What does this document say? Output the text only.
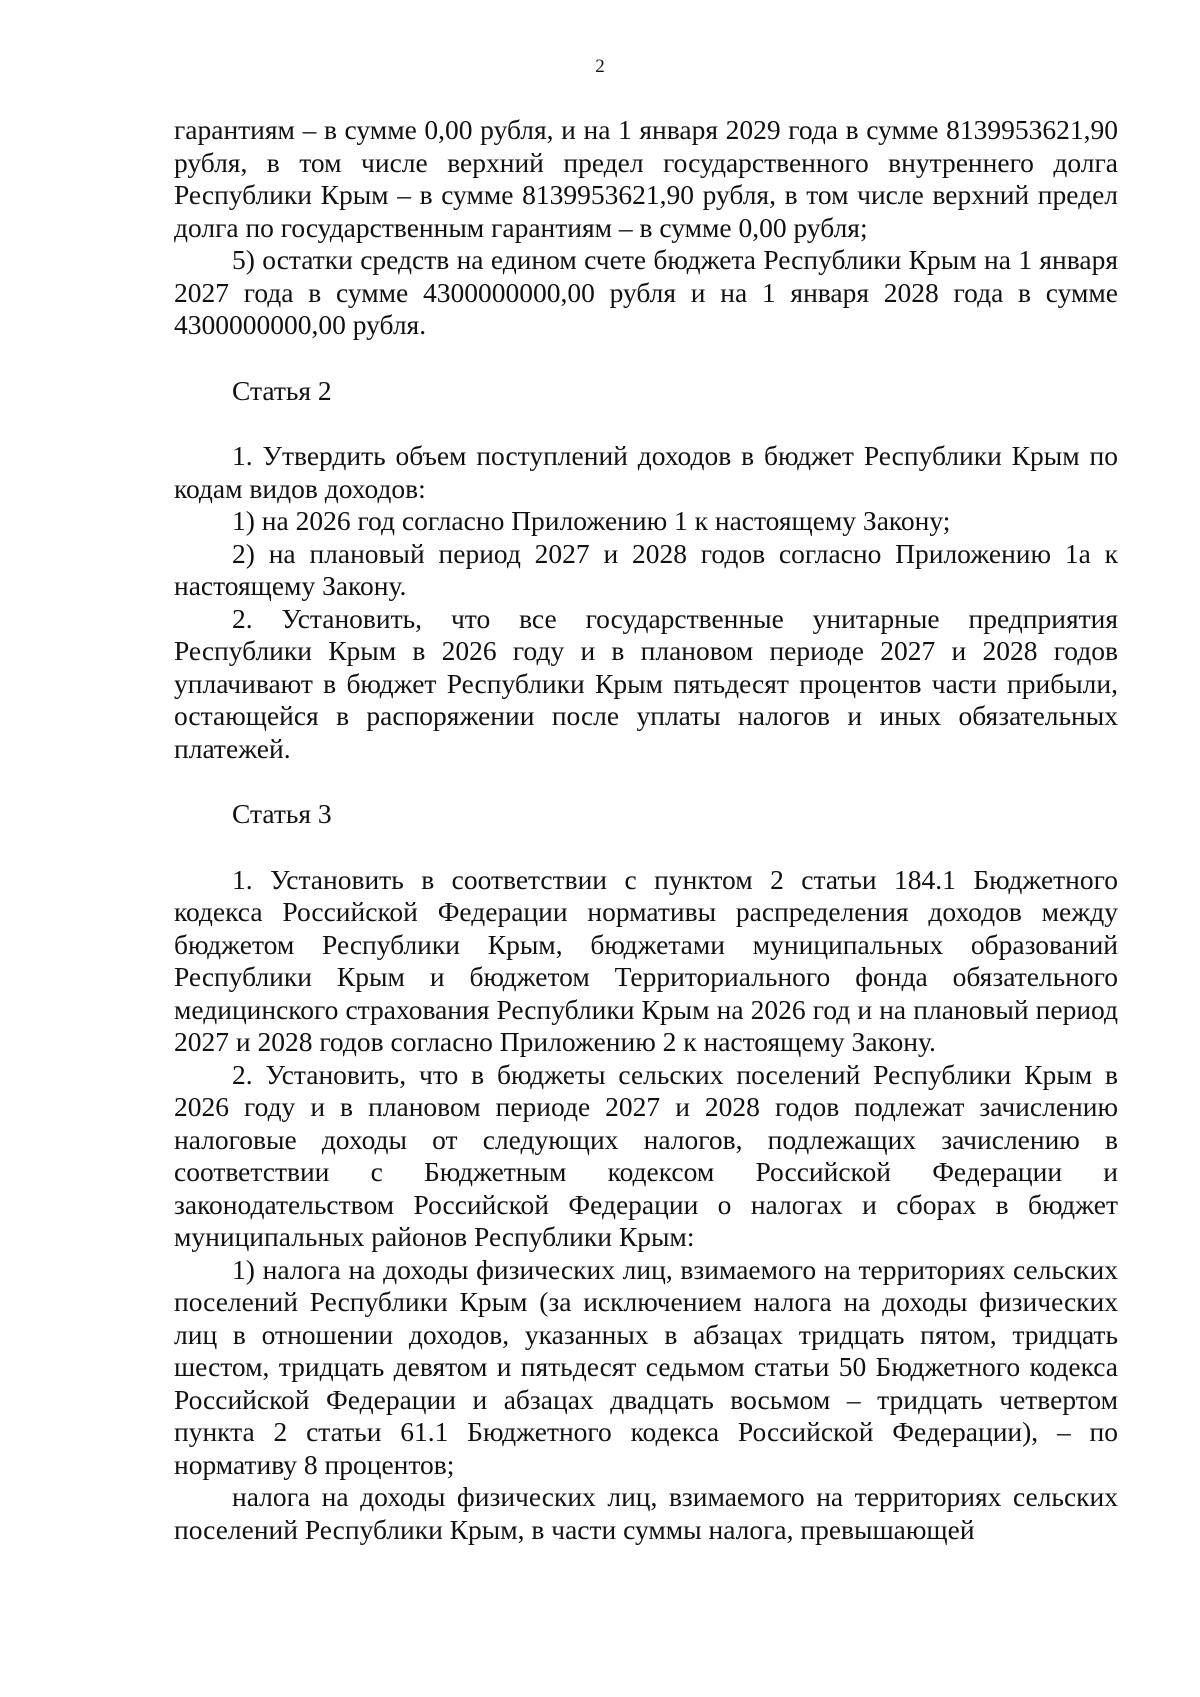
2

гарантиям – в сумме 0,00 рубля, и на 1 января 2029 года в сумме 8139953621,90 рубля, в том числе верхний предел государственного внутреннего долга Республики Крым – в сумме 8139953621,90 рубля, в том числе верхний предел долга по государственным гарантиям – в сумме 0,00 рубля;

5) остатки средств на едином счете бюджета Республики Крым на 1 января 2027 года в сумме 4300000000,00 рубля и на 1 января 2028 года в сумме 4300000000,00 рубля.

Статья 2

1. Утвердить объем поступлений доходов в бюджет Республики Крым по кодам видов доходов:

1) на 2026 год согласно Приложению 1 к настоящему Закону;

2) на плановый период 2027 и 2028 годов согласно Приложению 1а к настоящему Закону.

2. Установить, что все государственные унитарные предприятия Республики Крым в 2026 году и в плановом периоде 2027 и 2028 годов уплачивают в бюджет Республики Крым пятьдесят процентов части прибыли, остающейся в распоряжении после уплаты налогов и иных обязательных платежей.

Статья 3

1. Установить в соответствии с пунктом 2 статьи 184.1 Бюджетного кодекса Российской Федерации нормативы распределения доходов между бюджетом Республики Крым, бюджетами муниципальных образований Республики Крым и бюджетом Территориального фонда обязательного медицинского страхования Республики Крым на 2026 год и на плановый период 2027 и 2028 годов согласно Приложению 2 к настоящему Закону.

2. Установить, что в бюджеты сельских поселений Республики Крым в 2026 году и в плановом периоде 2027 и 2028 годов подлежат зачислению налоговые доходы от следующих налогов, подлежащих зачислению в соответствии с Бюджетным кодексом Российской Федерации и законодательством Российской Федерации о налогах и сборах в бюджет муниципальных районов Республики Крым:

1) налога на доходы физических лиц, взимаемого на территориях сельских поселений Республики Крым (за исключением налога на доходы физических лиц в отношении доходов, указанных в абзацах тридцать пятом, тридцать шестом, тридцать девятом и пятьдесят седьмом статьи 50 Бюджетного кодекса Российской Федерации и абзацах двадцать восьмом – тридцать четвертом пункта 2 статьи 61.1 Бюджетного кодекса Российской Федерации), – по нормативу 8 процентов;

налога на доходы физических лиц, взимаемого на территориях сельских поселений Республики Крым, в части суммы налога, превышающей
